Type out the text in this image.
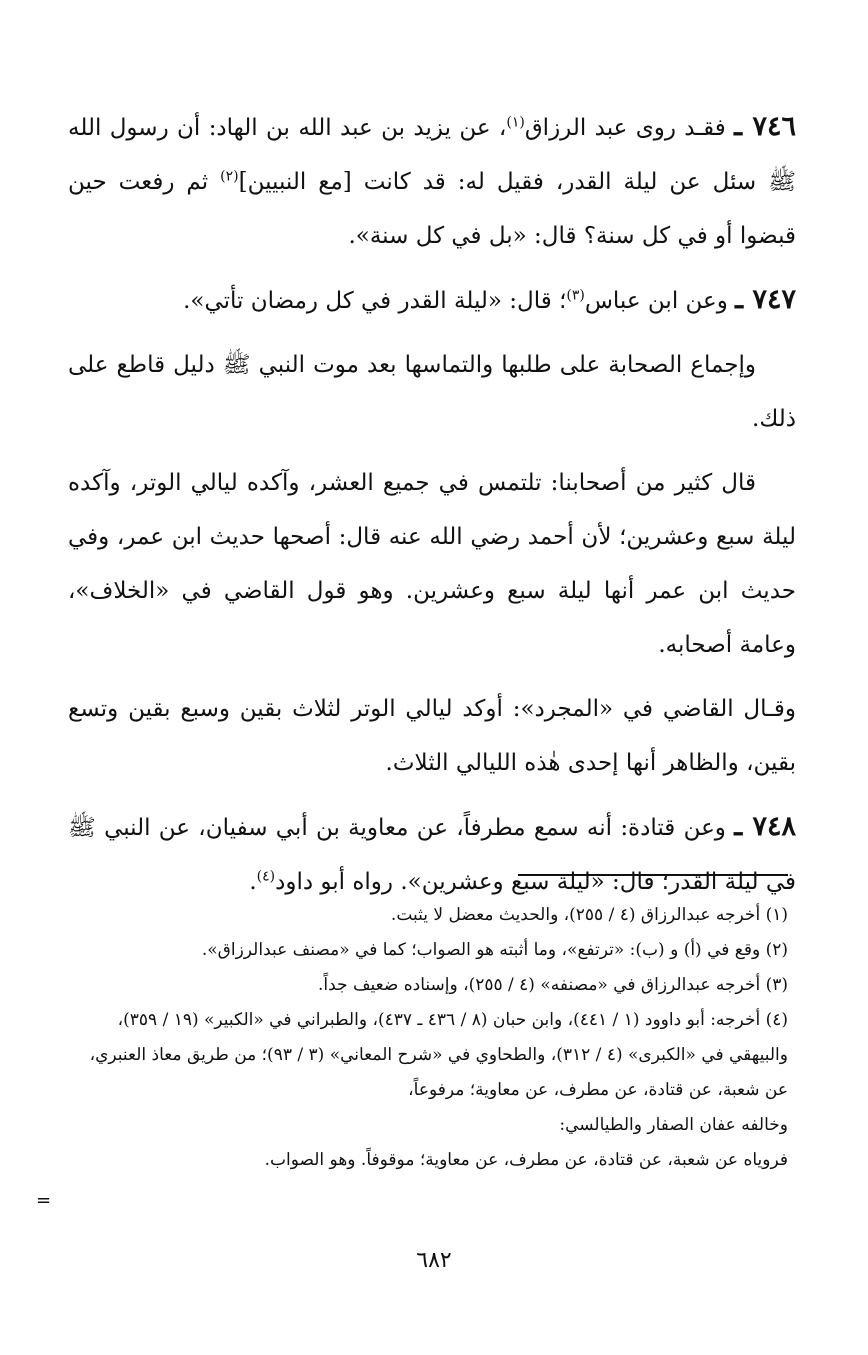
٧٤٦ ـ فقـد روى عبد الرزاق$^{(١)}$، عن يزيد بن عبد الله بن الهاد: أن رسول الله ﷺ سئل عن ليلة القدر، فقيل له: قد كانت [مع النبيين]$^{(٢)}$ ثم رفعت حين قبضوا أو في كل سنة؟ قال: «بل في كل سنة».

٧٤٧ ـ وعن ابن عباس$^{(٣)}$؛ قال: «ليلة القدر في كل رمضان تأتي».

وإجماع الصحابة على طلبها والتماسها بعد موت النبي ﷺ دليل قاطع على ذلك.

قال كثير من أصحابنا: تلتمس في جميع العشر، وآكده ليالي الوتر، وآكده ليلة سبع وعشرين؛ لأن أحمد رضي الله عنه قال: أصحها حديث ابن عمر، وفي حديث ابن عمر أنها ليلة سبع وعشرين. وهو قول القاضي في «الخلاف»، وعامة أصحابه.

وقـال القاضي في «المجرد»: أوكد ليالي الوتر لثلاث بقين وسبع بقين وتسع بقين، والظاهر أنها إحدى هٰذه الليالي الثلاث.

٧٤٨ ـ وعن قتادة: أنه سمع مطرفاً، عن معاوية بن أبي سفيان، عن النبي ﷺ في ليلة القدر؛ قال: «ليلة سبع وعشرين». رواه أبو داود$^{(٤)}$.

(١) أخرجه عبدالرزاق (٤ / ٢٥٥)، والحديث معضل لا يثبت.

(٢) وقع في (أ) و (ب): «ترتفع»، وما أثبته هو الصواب؛ كما في «مصنف عبدالرزاق».

(٣) أخرجه عبدالرزاق في «مصنفه» (٤ / ٢٥٥)، وإسناده ضعيف جداً.

(٤) أخرجه: أبو داوود (١ / ٤٤١)، وابن حبان (٨ / ٤٣٦ ـ ٤٣٧)، والطبراني في «الكبير» (١٩ / ٣٥٩)، والبيهقي في «الكبرى» (٤ / ٣١٢)، والطحاوي في «شرح المعاني» (٣ / ٩٣)؛ من طريق معاذ العنبري، عن شعبة، عن قتادة، عن مطرف، عن معاوية؛ مرفوعاً،

وخالفه عفان الصفار والطيالسي:

فروياه عن شعبة، عن قتادة، عن مطرف، عن معاوية؛ موقوفاً. وهو الصواب.

=
٦٨٢
